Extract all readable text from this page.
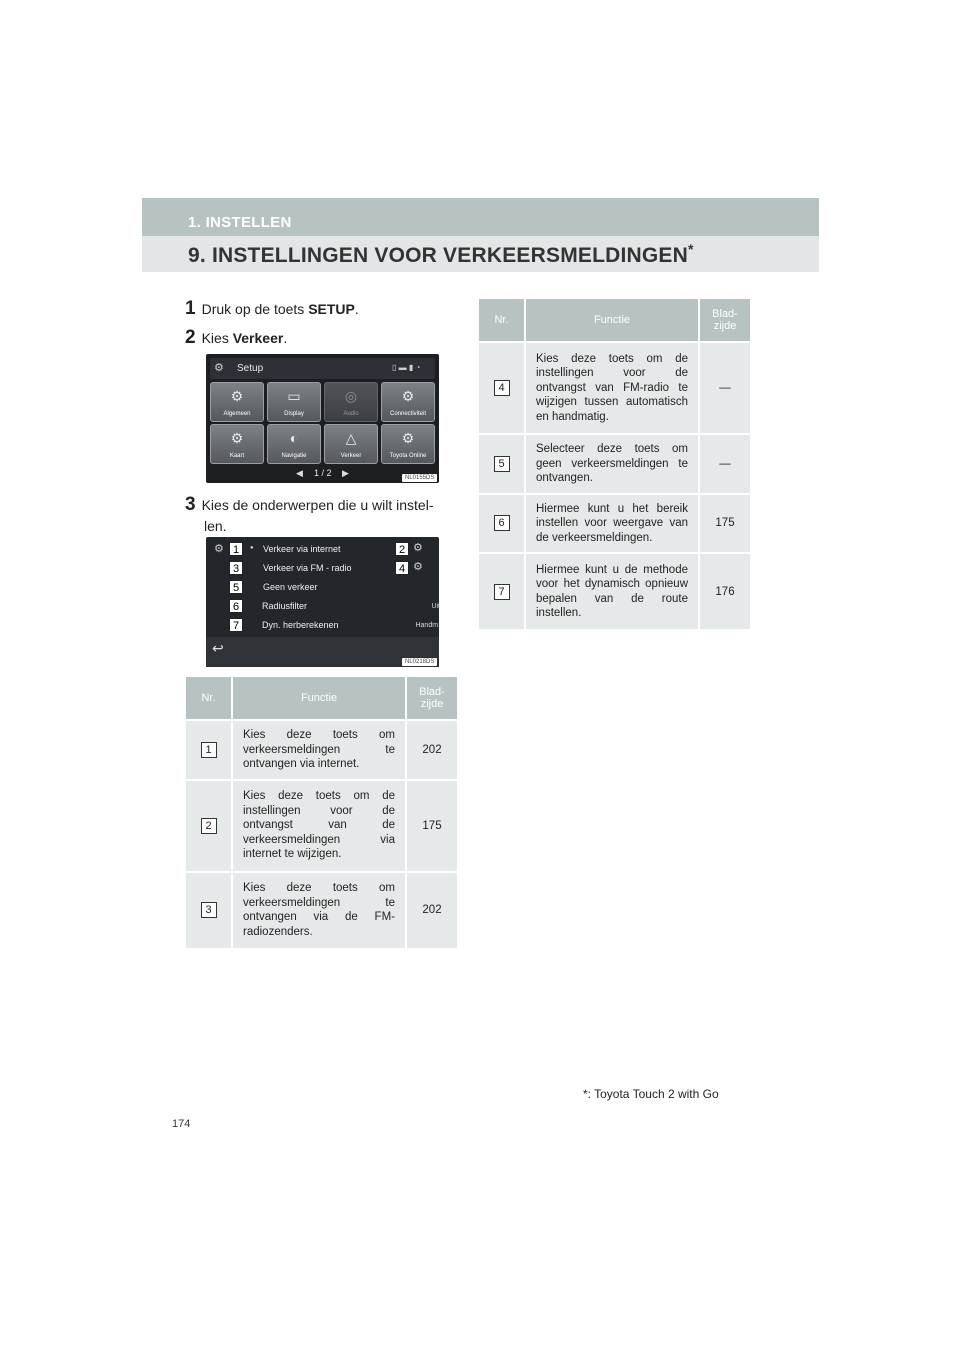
1. INSTELLEN
9. INSTELLINGEN VOOR VERKEERSMELDINGEN*
1 Druk op de toets SETUP.
2 Kies Verkeer.
⚙ Setup	▯ ▬ ▮ ◔
⚙
Algemeen
▭
Display
◎
Audio
⚙
Connectiviteit
⚙
Kaart
◐
Navigatie
△
Verkeer
⚙
Toyota Online
◀ 1 / 2 ▶	NL0155DS
3 Kies de onderwerpen die u wilt instel-
len.
⚙	● Verkeer via internet
Verkeer via FM - radio
Geen verkeer
Radiusfilter	Uit
Dyn. herberekenen	Handm.
1
3
5
6
7
2
4
⚙
⚙
↩
NL0218DS
Nr.	Functie	Blad-
zijde
1	Kies deze toets om verkeersmeldingen te ontvangen via internet.	202
2	Kies deze toets om de instellingen voor de ontvangst van de verkeersmeldingen via internet te wijzigen.	175
3	Kies deze toets om verkeersmeldingen te ontvangen via de FM-radiozenders.	202
Nr.	Functie	Blad-
zijde
4	Kies deze toets om de instellingen voor de ontvangst van FM-radio te wijzigen tussen automatisch en handmatig.	—
5	Selecteer deze toets om geen verkeersmeldingen te ontvangen.	—
6	Hiermee kunt u het bereik instellen voor weergave van de verkeersmeldingen.	175
7	Hiermee kunt u de methode voor het dynamisch opnieuw bepalen van de route instellen.	176
*: Toyota Touch 2 with Go
174
